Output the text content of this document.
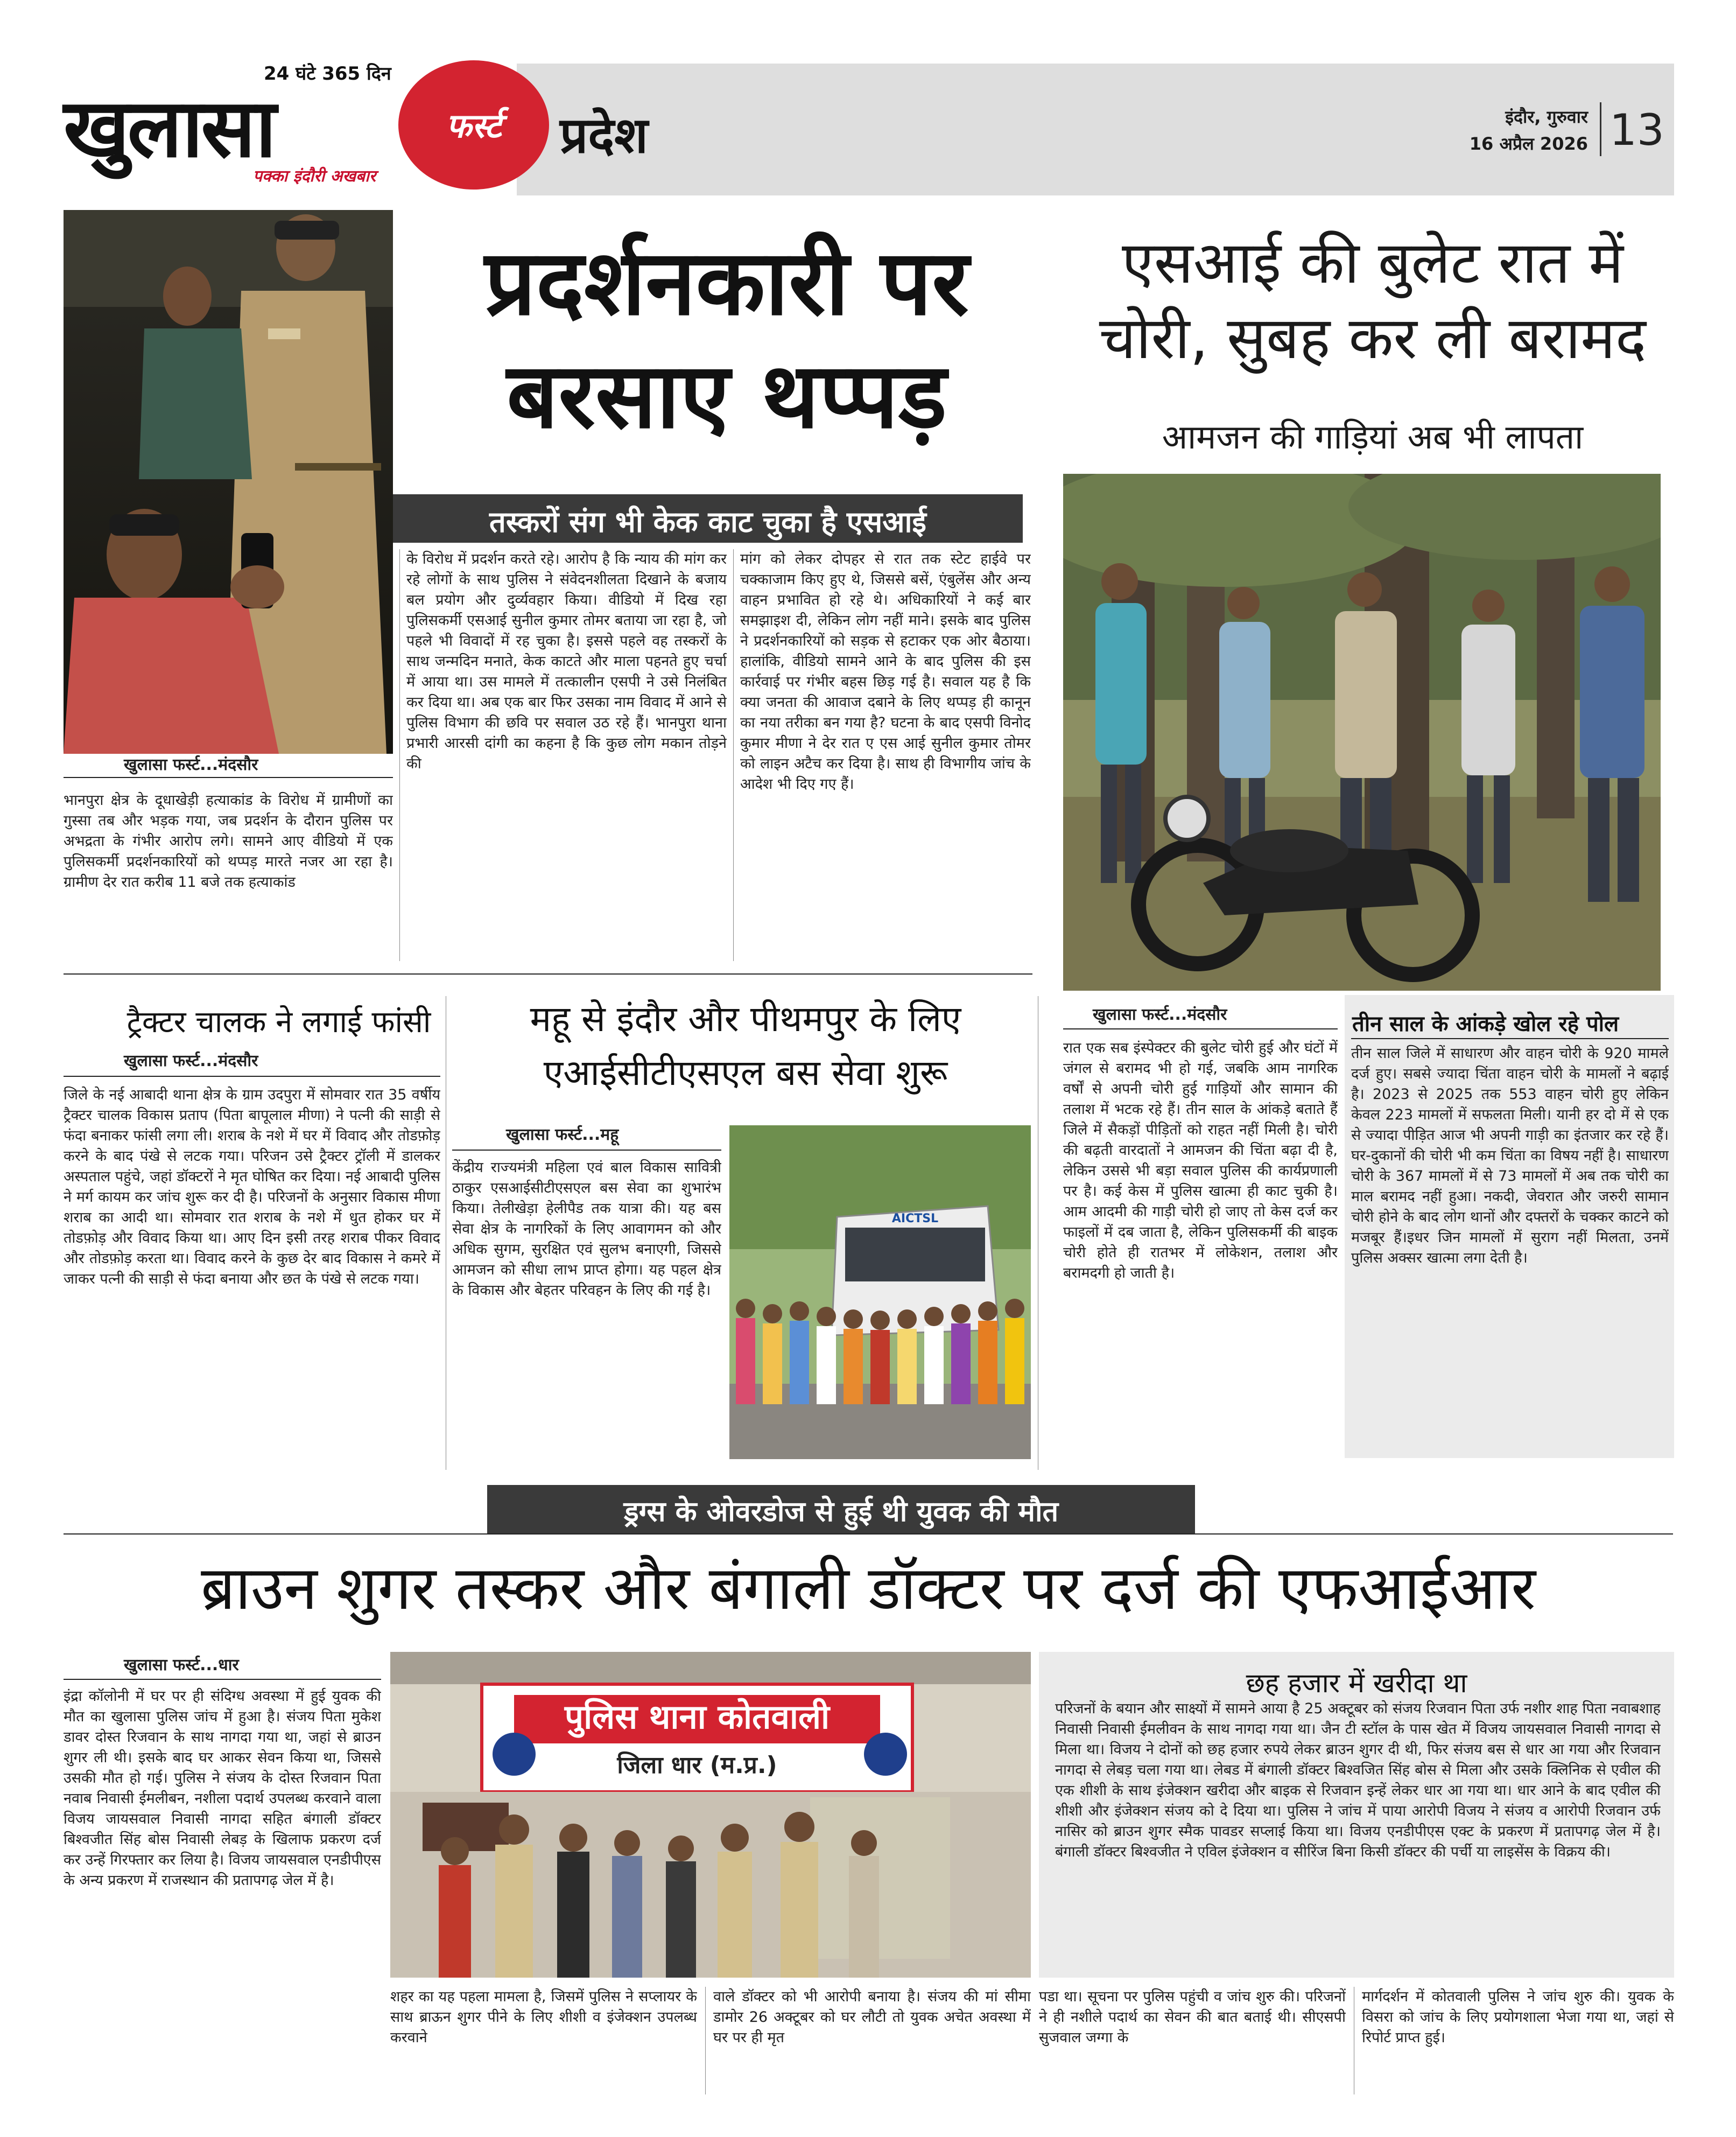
24 घंटे 365 दिन
खुलासा	फर्स्ट
पक्का इंदौरी अखबार
प्रदेश	इंदौर, गुरुवार
16 अप्रैल 2026 13
खुलासा फर्स्ट...मंदसौर
प्रदर्शनकारी पर बरसाए थप्पड़
तस्करों संग भी केक काट चुका है एसआई
भानपुरा क्षेत्र के दूधाखेड़ी हत्याकांड के विरोध में ग्रामीणों का गुस्सा तब और भड़क गया, जब प्रदर्शन के दौरान पुलिस पर अभद्रता के गंभीर आरोप लगे। सामने आए वीडियो में एक पुलिसकर्मी प्रदर्शनकारियों को थप्पड़ मारते नजर आ रहा है। ग्रामीण देर रात करीब 11 बजे तक हत्याकांड
के विरोध में प्रदर्शन करते रहे। आरोप है कि न्याय की मांग कर रहे लोगों के साथ पुलिस ने संवेदनशीलता दिखाने के बजाय बल प्रयोग और दुर्व्यवहार किया। वीडियो में दिख रहा पुलिसकर्मी एसआई सुनील कुमार तोमर बताया जा रहा है, जो पहले भी विवादों में रह चुका है। इससे पहले वह तस्करों के साथ जन्मदिन मनाते, केक काटते और माला पहनते हुए चर्चा में आया था। उस मामले में तत्कालीन एसपी ने उसे निलंबित कर दिया था। अब एक बार फिर उसका नाम विवाद में आने से पुलिस विभाग की छवि पर सवाल उठ रहे हैं। भानपुरा थाना प्रभारी आरसी दांगी का कहना है कि कुछ लोग मकान तोड़ने की
मांग को लेकर दोपहर से रात तक स्टेट हाईवे पर चक्काजाम किए हुए थे, जिससे बसें, एंबुलेंस और अन्य वाहन प्रभावित हो रहे थे। अधिकारियों ने कई बार समझाइश दी, लेकिन लोग नहीं माने। इसके बाद पुलिस ने प्रदर्शनकारियों को सड़क से हटाकर एक ओर बैठाया। हालांकि, वीडियो सामने आने के बाद पुलिस की इस कार्रवाई पर गंभीर बहस छिड़ गई है। सवाल यह है कि क्या जनता की आवाज दबाने के लिए थप्पड़ ही कानून का नया तरीका बन गया है? घटना के बाद एसपी विनोद कुमार मीणा ने देर रात ए एस आई सुनील कुमार तोमर को लाइन अटैच कर दिया है। साथ ही विभागीय जांच के आदेश भी दिए गए हैं।
एसआई की बुलेट रात में
चोरी, सुबह कर ली बरामद
आमजन की गाड़ियां अब भी लापता
खुलासा फर्स्ट...मंदसौर
रात एक सब इंस्पेक्टर की बुलेट चोरी हुई और घंटों में जंगल से बरामद भी हो गई, जबकि आम नागरिक वर्षों से अपनी चोरी हुई गाड़ियों और सामान की तलाश में भटक रहे हैं। तीन साल के आंकड़े बताते हैं जिले में सैकड़ों पीड़ितों को राहत नहीं मिली है। चोरी की बढ़ती वारदातों ने आमजन की चिंता बढ़ा दी है, लेकिन उससे भी बड़ा सवाल पुलिस की कार्यप्रणाली पर है। कई केस में पुलिस खात्मा ही काट चुकी है। आम आदमी की गाड़ी चोरी हो जाए तो केस दर्ज कर फाइलों में दब जाता है, लेकिन पुलिसकर्मी की बाइक चोरी होते ही रातभर में लोकेशन, तलाश और बरामदगी हो जाती है।
तीन साल के आंकड़े खोल रहे पोल
तीन साल जिले में साधारण और वाहन चोरी के 920 मामले दर्ज हुए। सबसे ज्यादा चिंता वाहन चोरी के मामलों ने बढ़ाई है। 2023 से 2025 तक 553 वाहन चोरी हुए लेकिन केवल 223 मामलों में सफलता मिली। यानी हर दो में से एक से ज्यादा पीड़ित आज भी अपनी गाड़ी का इंतजार कर रहे हैं। घर-दुकानों की चोरी भी कम चिंता का विषय नहीं है। साधारण चोरी के 367 मामलों में से 73 मामलों में अब तक चोरी का माल बरामद नहीं हुआ। नकदी, जेवरात और जरुरी सामान चोरी होने के बाद लोग थानों और दफ्तरों के चक्कर काटने को मजबूर हैं।इधर जिन मामलों में सुराग नहीं मिलता, उनमें पुलिस अक्सर खात्मा लगा देती है।
ट्रैक्टर चालक ने लगाई फांसी
खुलासा फर्स्ट...मंदसौर
जिले के नई आबादी थाना क्षेत्र के ग्राम उदपुरा में सोमवार रात 35 वर्षीय ट्रैक्टर चालक विकास प्रताप (पिता बापूलाल मीणा) ने पत्नी की साड़ी से फंदा बनाकर फांसी लगा ली। शराब के नशे में घर में विवाद और तोडफ़ोड़ करने के बाद पंखे से लटक गया। परिजन उसे ट्रैक्टर ट्रॉली में डालकर अस्पताल पहुंचे, जहां डॉक्टरों ने मृत घोषित कर दिया। नई आबादी पुलिस ने मर्ग कायम कर जांच शुरू कर दी है। परिजनों के अनुसार विकास मीणा शराब का आदी था। सोमवार रात शराब के नशे में धुत होकर घर में तोडफ़ोड़ और विवाद किया था। आए दिन इसी तरह शराब पीकर विवाद और तोडफ़ोड़ करता था। विवाद करने के कुछ देर बाद विकास ने कमरे में जाकर पत्नी की साड़ी से फंदा बनाया और छत के पंखे से लटक गया।
महू से इंदौर और पीथमपुर के लिए
एआईसीटीएसएल बस सेवा शुरू
खुलासा फर्स्ट...महू
केंद्रीय राज्यमंत्री महिला एवं बाल विकास सावित्री ठाकुर एसआईसीटीएसएल बस सेवा का शुभारंभ किया। तेलीखेड़ा हेलीपैड तक यात्रा की। यह बस सेवा क्षेत्र के नागरिकों के लिए आवागमन को और अधिक सुगम, सुरक्षित एवं सुलभ बनाएगी, जिससे आमजन को सीधा लाभ प्राप्त होगा। यह पहल क्षेत्र के विकास और बेहतर परिवहन के लिए की गई है।
AICTSL
ड्रग्स के ओवरडोज से हुई थी युवक की मौत
ब्राउन शुगर तस्कर और बंगाली डॉक्टर पर दर्ज की एफआईआर
खुलासा फर्स्ट...धार
इंद्रा कॉलोनी में घर पर ही संदिग्ध अवस्था में हुई युवक की मौत का खुलासा पुलिस जांच में हुआ है। संजय पिता मुकेश डावर दोस्त रिजवान के साथ नागदा गया था, जहां से ब्राउन शुगर ली थी। इसके बाद घर आकर सेवन किया था, जिससे उसकी मौत हो गई। पुलिस ने संजय के दोस्त रिजवान पिता नवाब निवासी ईमलीबन, नशीला पदार्थ उपलब्ध करवाने वाला विजय जायसवाल निवासी नागदा सहित बंगाली डॉक्टर बिश्वजीत सिंह बोस निवासी लेबड़ के खिलाफ प्रकरण दर्ज कर उन्हें गिरफ्तार कर लिया है। विजय जायसवाल एनडीपीएस के अन्य प्रकरण में राजस्थान की प्रतापगढ़ जेल में है।
पुलिस थाना कोतवाली
जिला धार (म.प्र.)
शहर का यह पहला मामला है, जिसमें पुलिस ने सप्लायर के साथ ब्राऊन शुगर पीने के लिए शीशी व इंजेक्शन उपलब्ध करवाने
वाले डॉक्टर को भी आरोपी बनाया है। संजय की मां सीमा डामोर 26 अक्टूबर को घर लौटी तो युवक अचेत अवस्था में घर पर ही मृत
छह हजार में खरीदा था
परिजनों के बयान और साक्ष्यों में सामने आया है 25 अक्टूबर को संजय रिजवान पिता उर्फ नशीर शाह पिता नवाबशाह निवासी निवासी ईमलीवन के साथ नागदा गया था। जैन टी स्टॉल के पास खेत में विजय जायसवाल निवासी नागदा से मिला था। विजय ने दोनों को छह हजार रुपये लेकर ब्राउन शुगर दी थी, फिर संजय बस से धार आ गया और रिजवान नागदा से लेबड़ चला गया था। लेबड में बंगाली डॉक्टर बिश्वजित सिंह बोस से मिला और उसके क्लिनिक से एवील की एक शीशी के साथ इंजेक्शन खरीदा और बाइक से रिजवान इन्हें लेकर धार आ गया था। धार आने के बाद एवील की शीशी और इंजेक्शन संजय को दे दिया था। पुलिस ने जांच में पाया आरोपी विजय ने संजय व आरोपी रिजवान उर्फ नासिर को ब्राउन शुगर स्मैक पावडर सप्लाई किया था। विजय एनडीपीएस एक्ट के प्रकरण में प्रतापगढ़ जेल में है। बंगाली डॉक्टर बिश्वजीत ने एविल इंजेक्शन व सीरिंज बिना किसी डॉक्टर की पर्ची या लाइसेंस के विक्रय की।
पडा था। सूचना पर पुलिस पहुंची व जांच शुरु की। परिजनों ने ही नशीले पदार्थ का सेवन की बात बताई थी। सीएसपी सुजवाल जग्गा के
मार्गदर्शन में कोतवाली पुलिस ने जांच शुरु की। युवक के विसरा को जांच के लिए प्रयोगशाला भेजा गया था, जहां से रिपोर्ट प्राप्त हुई।
